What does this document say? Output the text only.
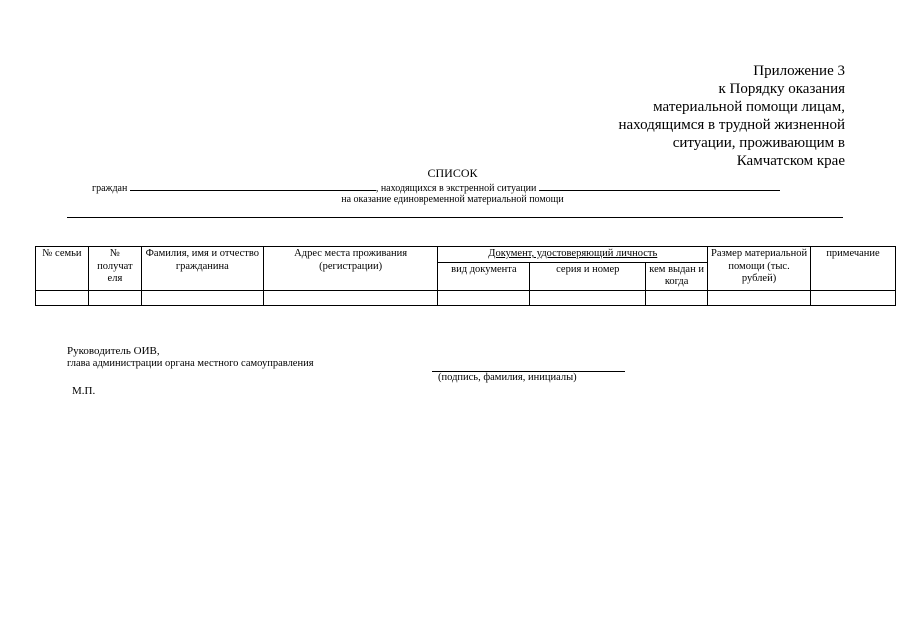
Приложение 3
к Порядку оказания
материальной помощи лицам,
находящимся в трудной жизненной
ситуации, проживающим в
Камчатском крае
СПИСОК
граждан	, находящихся в экстренной ситуации
на оказание единовременной материальной помощи
№ семьи	№ получат еля	Фамилия, имя и отчество гражданина	Адрес места проживания (регистрации)	Документ, удостоверяющий личность			Размер материальной помощи (тыс. рублей)	примечание
				вид документа	серия и номер	кем выдан и когда		

Руководитель ОИВ,
глава администрации органа местного самоуправления
(подпись, фамилия, инициалы)
М.П.
